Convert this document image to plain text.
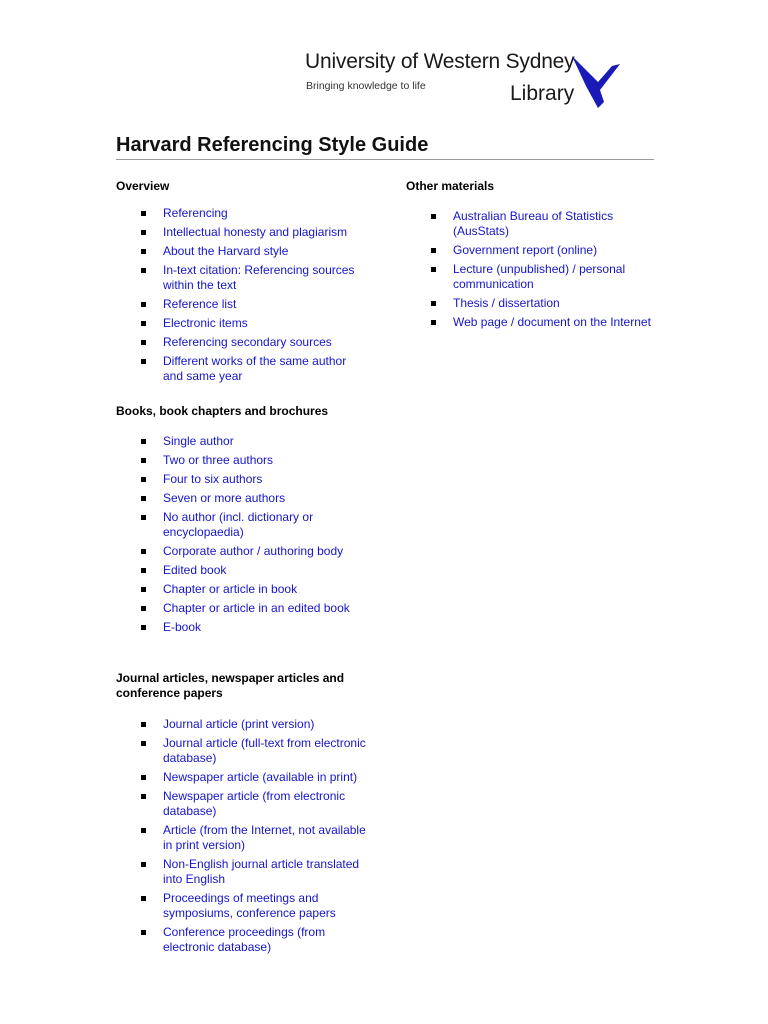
University of Western Sydney
Bringing knowledge to life	Library
Harvard Referencing Style Guide
Overview
Referencing
Intellectual honesty and plagiarism
About the Harvard style
In-text citation: Referencing sources within the text
Reference list
Electronic items
Referencing secondary sources
Different works of the same author and same year
Books, book chapters and brochures
Single author
Two or three authors
Four to six authors
Seven or more authors
No author (incl. dictionary or encyclopaedia)
Corporate author / authoring body
Edited book
Chapter or article in book
Chapter or article in an edited book
E-book
Journal articles, newspaper articles and conference papers
Journal article (print version)
Journal article (full-text from electronic database)
Newspaper article (available in print)
Newspaper article (from electronic database)
Article (from the Internet, not available in print version)
Non-English journal article translated into English
Proceedings of meetings and symposiums, conference papers
Conference proceedings (from electronic database)
Other materials
Australian Bureau of Statistics (AusStats)
Government report (online)
Lecture (unpublished) / personal communication
Thesis / dissertation
Web page / document on the Internet
